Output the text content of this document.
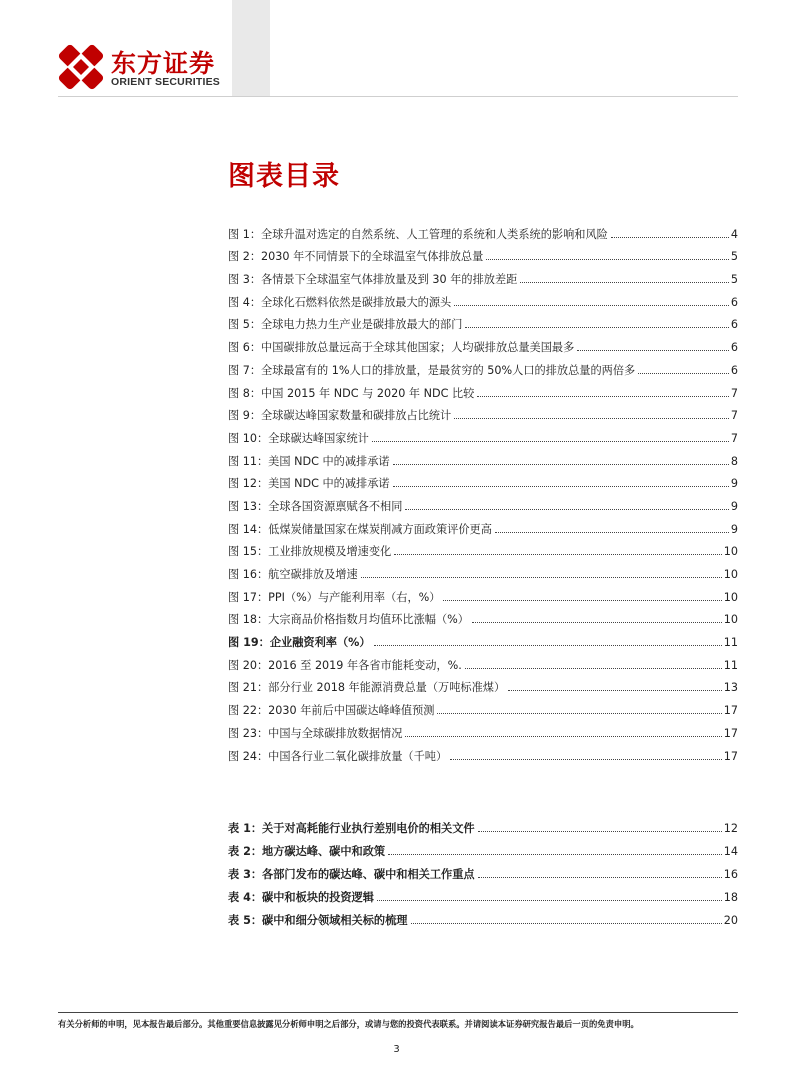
东方证券
ORIENT SECURITIES
图表目录
图 1：全球升温对选定的自然系统、人工管理的系统和人类系统的影响和风险	4
图 2：2030 年不同情景下的全球温室气体排放总量	5
图 3：各情景下全球温室气体排放量及到 30 年的排放差距	5
图 4：全球化石燃料依然是碳排放最大的源头	6
图 5：全球电力热力生产业是碳排放最大的部门	6
图 6：中国碳排放总量远高于全球其他国家；人均碳排放总量美国最多	6
图 7：全球最富有的 1%人口的排放量，是最贫穷的 50%人口的排放总量的两倍多	6
图 8：中国 2015 年 NDC 与 2020 年 NDC 比较	7
图 9：全球碳达峰国家数量和碳排放占比统计	7
图 10：全球碳达峰国家统计	7
图 11：美国 NDC 中的减排承诺	8
图 12：美国 NDC 中的减排承诺	9
图 13：全球各国资源禀赋各不相同	9
图 14：低煤炭储量国家在煤炭削减方面政策评价更高	9
图 15：工业排放规模及增速变化	10
图 16：航空碳排放及增速	10
图 17：PPI（%）与产能利用率（右，%）	10
图 18：大宗商品价格指数月均值环比涨幅（%）	10
图 19：企业融资利率（%）	11
图 20：2016 至 2019 年各省市能耗变动，%.	11
图 21：部分行业 2018 年能源消费总量（万吨标准煤）	13
图 22：2030 年前后中国碳达峰峰值预测	17
图 23：中国与全球碳排放数据情况	17
图 24：中国各行业二氧化碳排放量（千吨）	17
表 1：关于对高耗能行业执行差别电价的相关文件	12
表 2：地方碳达峰、碳中和政策	14
表 3：各部门发布的碳达峰、碳中和相关工作重点	16
表 4：碳中和板块的投资逻辑	18
表 5：碳中和细分领域相关标的梳理	20
有关分析师的申明，见本报告最后部分。其他重要信息披露见分析师申明之后部分，或请与您的投资代表联系。并请阅读本证券研究报告最后一页的免责申明。
3
